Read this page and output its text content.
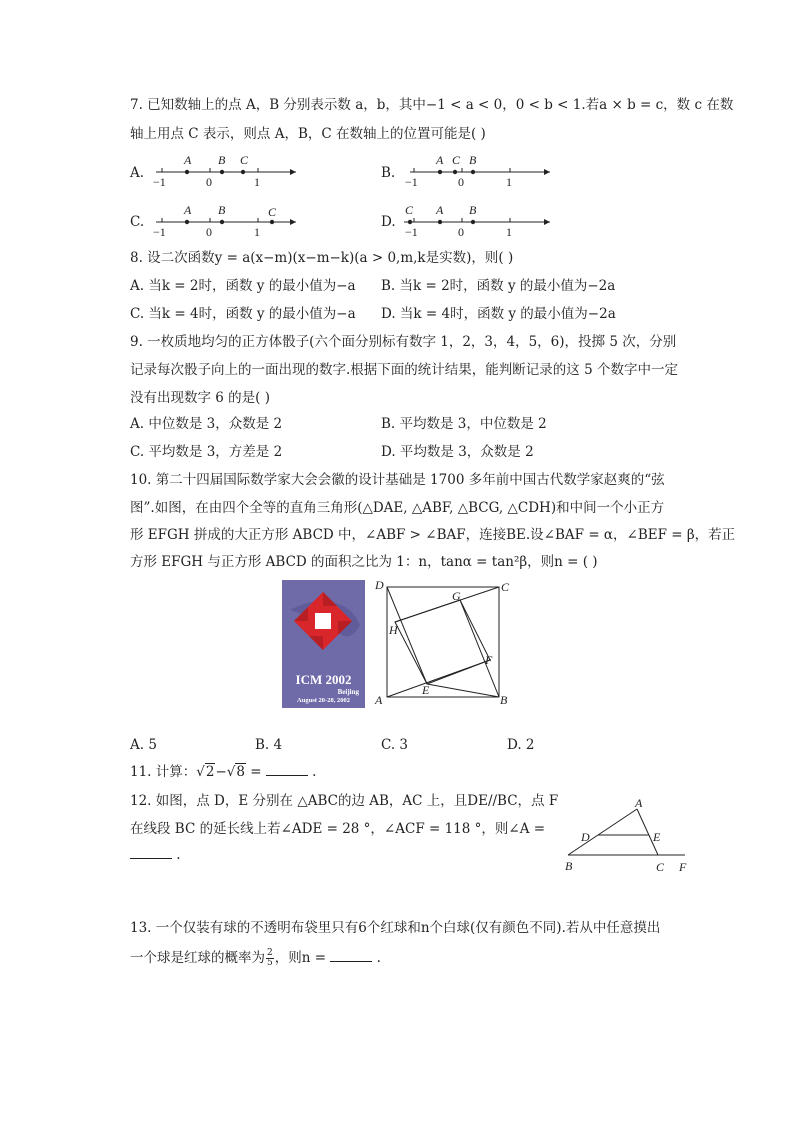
7. 已知数轴上的点 A，B 分别表示数 a，b，其中−1 < a < 0，0 < b < 1.若a × b = c，数 c 在数
轴上用点 C 表示，则点 A，B，C 在数轴上的位置可能是( )
A.
A B C
−1	0	1
B.
A C B
−1	0	1
C.
A B	C
−1	0	1
D.
C A B
−1	0	1
8. 设二次函数y = a(x−m)(x−m−k)(a > 0,m,k是实数)，则( )
A. 当k = 2时，函数 y 的最小值为−a B. 当k = 2时，函数 y 的最小值为−2a
C. 当k = 4时，函数 y 的最小值为−a D. 当k = 4时，函数 y 的最小值为−2a
9. 一枚质地均匀的正方体骰子(六个面分别标有数字 1，2，3，4，5，6)，投掷 5 次，分别
记录每次骰子向上的一面出现的数字.根据下面的统计结果，能判断记录的这 5 个数字中一定
没有出现数字 6 的是( )
A. 中位数是 3，众数是 2	B. 平均数是 3，中位数是 2
C. 平均数是 3，方差是 2	D. 平均数是 3，众数是 2
10. 第二十四届国际数学家大会会徽的设计基础是 1700 多年前中国古代数学家赵爽的“弦
图”.如图，在由四个全等的直角三角形(△DAE, △ABF, △BCG, △CDH)和中间一个小正方
形 EFGH 拼成的大正方形 ABCD 中，∠ABF > ∠BAF，连接BE.设∠BAF = α，∠BEF = β，若正
方形 EFGH 与正方形 ABCD 的面积之比为 1：n，tanα = tan²β，则n = ( )
ICM 2002
Beijing
August 20-28, 2002
D	C
A	B
G
H
F
E
A. 5	B. 4	C. 3	D. 2
11. 计算：√2−√8 =	.
12. 如图，点 D，E 分别在 △ABC的边 AB，AC 上，且DE//BC，点 F
在线段 BC 的延长线上若∠ADE = 28 °，∠ACF = 118 °，则∠A =
.
A
D	E
B	C F
13. 一个仅装有球的不透明布袋里只有6个红球和n个白球(仅有颜色不同).若从中任意摸出
一个球是红球的概率为 $\frac{2}{5}$ ，则n =	.
